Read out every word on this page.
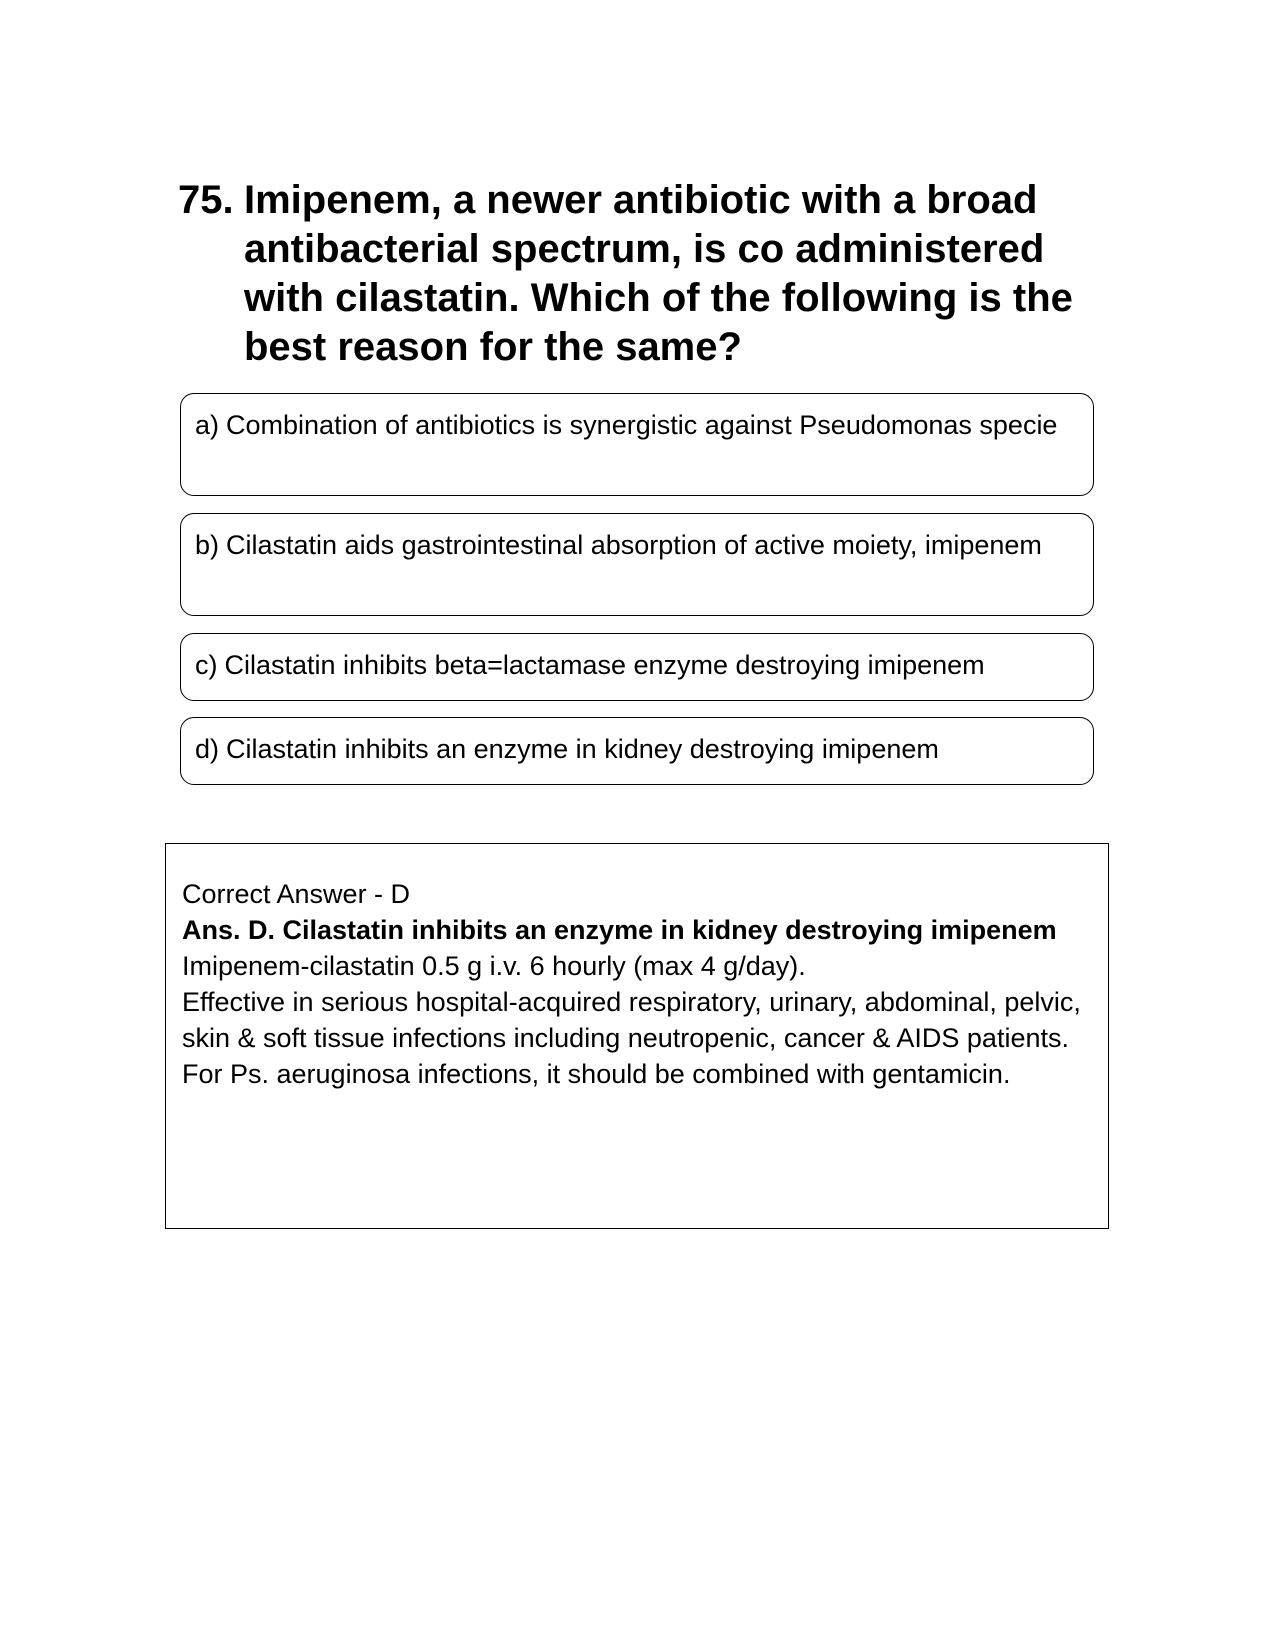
75. Imipenem, a newer antibiotic with a broad antibacterial spectrum, is co administered with cilastatin. Which of the following is the best reason for the same?
a) Combination of antibiotics is synergistic against Pseudomonas specie
b) Cilastatin aids gastrointestinal absorption of active moiety, imipenem
c) Cilastatin inhibits beta=lactamase enzyme destroying imipenem
d) Cilastatin inhibits an enzyme in kidney destroying imipenem
Correct Answer - D
Ans. D. Cilastatin inhibits an enzyme in kidney destroying imipenem
Imipenem-cilastatin 0.5 g i.v. 6 hourly (max 4 g/day).
Effective in serious hospital-acquired respiratory, urinary, abdominal, pelvic, skin & soft tissue infections including neutropenic, cancer & AIDS patients.
For Ps. aeruginosa infections, it should be combined with gentamicin.
